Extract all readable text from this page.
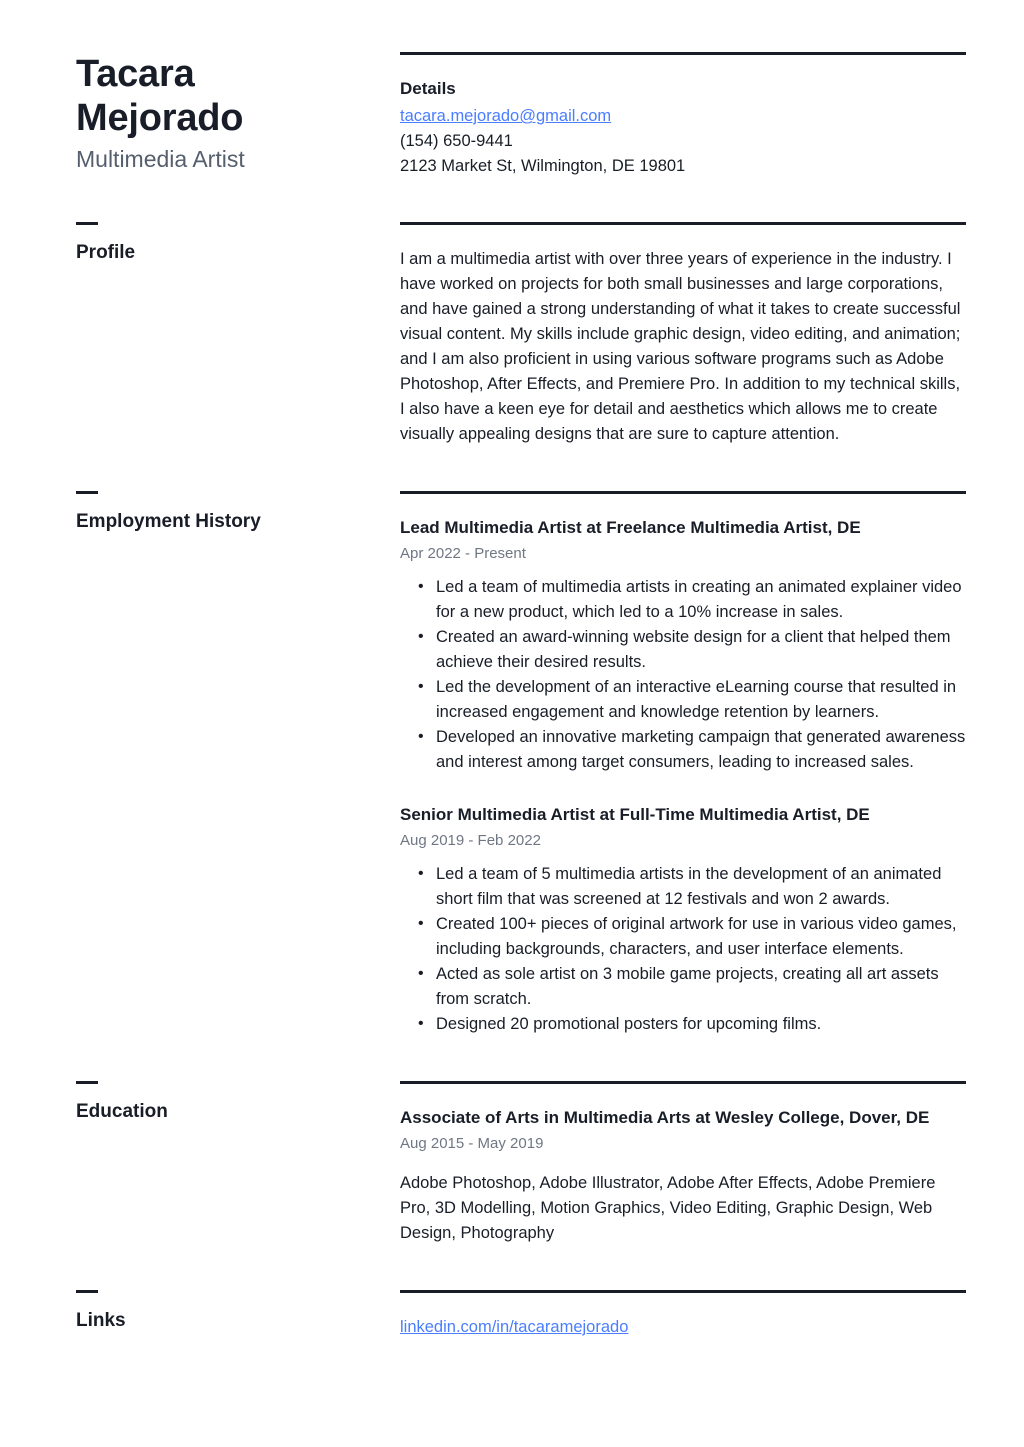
Tacara
Mejorado
Multimedia Artist
Details
tacara.mejorado@gmail.com
(154) 650-9441
2123 Market St, Wilmington, DE 19801
Profile	I am a multimedia artist with over three years of experience in the industry. I have worked on projects for both small businesses and large corporations, and have gained a strong understanding of what it takes to create successful visual content. My skills include graphic design, video editing, and animation; and I am also proficient in using various software programs such as Adobe Photoshop, After Effects, and Premiere Pro. In addition to my technical skills, I also have a keen eye for detail and aesthetics which allows me to create visually appealing designs that are sure to capture attention.

Employment History	Lead Multimedia Artist at Freelance Multimedia Artist, DE
Apr 2022 - Present
• Led a team of multimedia artists in creating an animated explainer video for a new product, which led to a 10% increase in sales.
• Created an award-winning website design for a client that helped them achieve their desired results.
• Led the development of an interactive eLearning course that resulted in increased engagement and knowledge retention by learners.
• Developed an innovative marketing campaign that generated awareness and interest among target consumers, leading to increased sales.
Senior Multimedia Artist at Full-Time Multimedia Artist, DE
Aug 2019 - Feb 2022
• Led a team of 5 multimedia artists in the development of an animated short film that was screened at 12 festivals and won 2 awards.
• Created 100+ pieces of original artwork for use in various video games, including backgrounds, characters, and user interface elements.
• Acted as sole artist on 3 mobile game projects, creating all art assets from scratch.
• Designed 20 promotional posters for upcoming films.
Education	Associate of Arts in Multimedia Arts at Wesley College, Dover, DE
Aug 2015 - May 2019

Adobe Photoshop, Adobe Illustrator, Adobe After Effects, Adobe Premiere Pro, 3D Modelling, Motion Graphics, Video Editing, Graphic Design, Web Design, Photography

Links	linkedin.com/in/tacaramejorado
